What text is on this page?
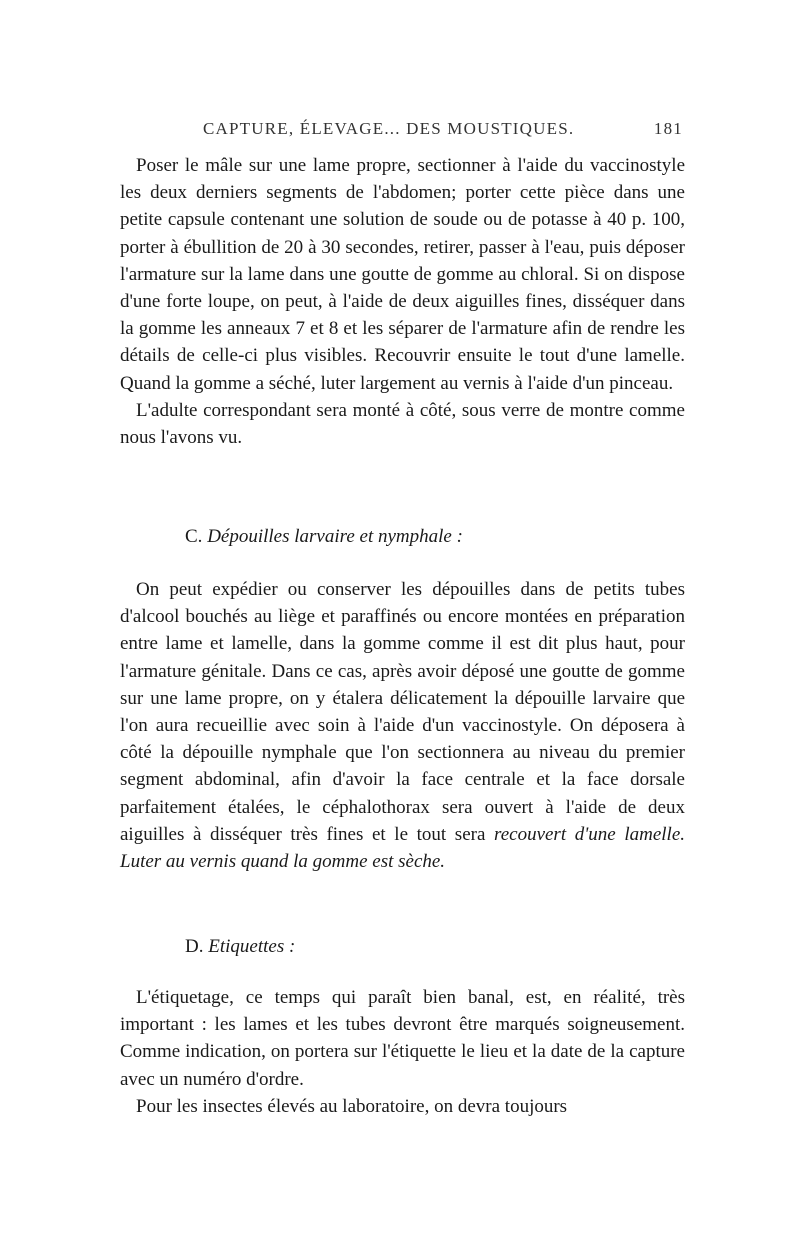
CAPTURE, ÉLEVAGE... DES MOUSTIQUES.	181

Poser le mâle sur une lame propre, sectionner à l'aide du vaccinostyle les deux derniers segments de l'abdomen; porter cette pièce dans une petite capsule contenant une solution de soude ou de potasse à 40 p. 100, porter à ébullition de 20 à 30 secondes, retirer, passer à l'eau, puis déposer l'armature sur la lame dans une goutte de gomme au chloral. Si on dispose d'une forte loupe, on peut, à l'aide de deux aiguilles fines, disséquer dans la gomme les anneaux 7 et 8 et les séparer de l'armature afin de rendre les détails de celle-ci plus visibles. Recouvrir ensuite le tout d'une lamelle. Quand la gomme a séché, luter largement au vernis à l'aide d'un pinceau.

L'adulte correspondant sera monté à côté, sous verre de montre comme nous l'avons vu.

C. Dépouilles larvaire et nymphale :

On peut expédier ou conserver les dépouilles dans de petits tubes d'alcool bouchés au liège et paraffinés ou encore montées en préparation entre lame et lamelle, dans la gomme comme il est dit plus haut, pour l'armature génitale. Dans ce cas, après avoir déposé une goutte de gomme sur une lame propre, on y étalera délicatement la dépouille larvaire que l'on aura recueillie avec soin à l'aide d'un vaccinostyle. On déposera à côté la dépouille nymphale que l'on sectionnera au niveau du premier segment abdominal, afin d'avoir la face centrale et la face dorsale parfaitement étalées, le céphalothorax sera ouvert à l'aide de deux aiguilles à disséquer très fines et le tout sera recouvert d'une lamelle. Luter au vernis quand la gomme est sèche.

D. Etiquettes :

L'étiquetage, ce temps qui paraît bien banal, est, en réalité, très important : les lames et les tubes devront être marqués soigneusement. Comme indication, on portera sur l'étiquette le lieu et la date de la capture avec un numéro d'ordre.

Pour les insectes élevés au laboratoire, on devra toujours
